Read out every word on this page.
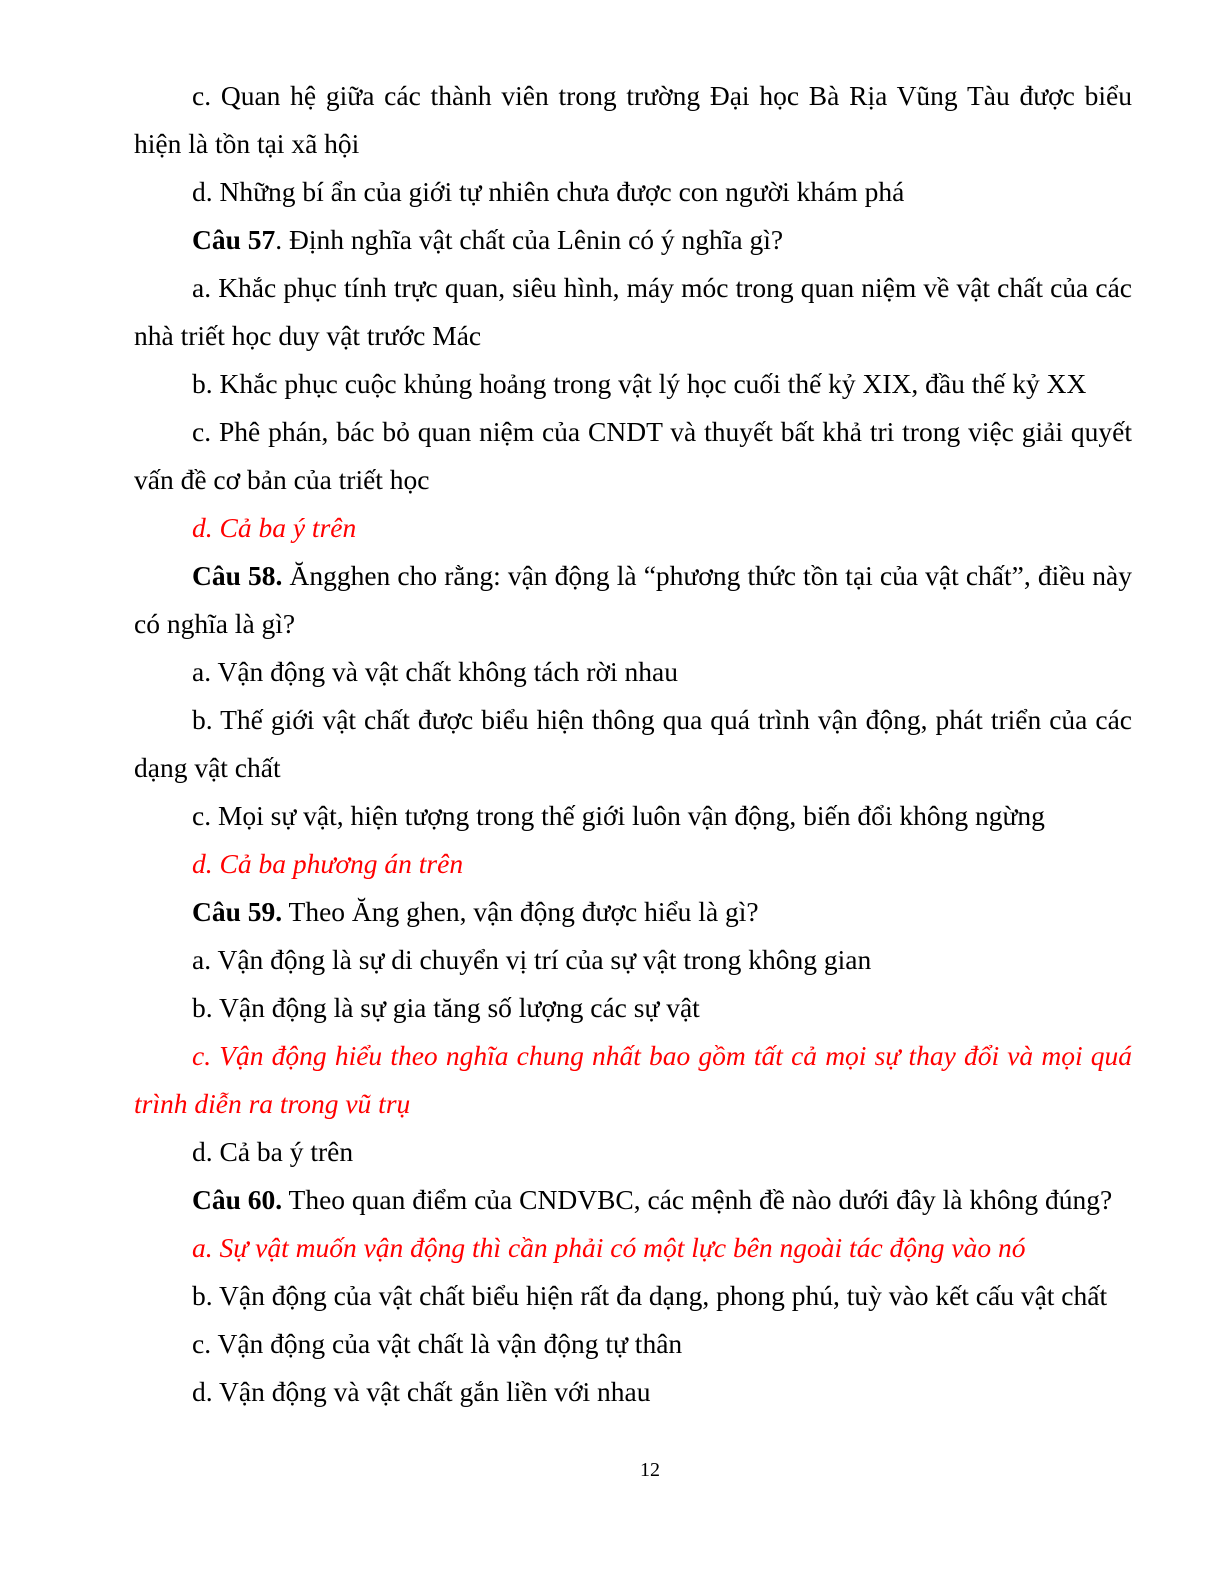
c. Quan hệ giữa các thành viên trong trường Đại học Bà Rịa Vũng Tàu được biểu hiện là tồn tại xã hội

d. Những bí ẩn của giới tự nhiên chưa được con người khám phá

Câu 57. Định nghĩa vật chất của Lênin có ý nghĩa gì?

a. Khắc phục tính trực quan, siêu hình, máy móc trong quan niệm về vật chất của các nhà triết học duy vật trước Mác

b. Khắc phục cuộc khủng hoảng trong vật lý học cuối thế kỷ XIX, đầu thế kỷ XX

c. Phê phán, bác bỏ quan niệm của CNDT và thuyết bất khả tri trong việc giải quyết vấn đề cơ bản của triết học

d. Cả ba ý trên

Câu 58. Ăngghen cho rằng: vận động là “phương thức tồn tại của vật chất”, điều này có nghĩa là gì?

a. Vận động và vật chất không tách rời nhau

b. Thế giới vật chất được biểu hiện thông qua quá trình vận động, phát triển của các dạng vật chất

c. Mọi sự vật, hiện tượng trong thế giới luôn vận động, biến đổi không ngừng

d. Cả ba phương án trên

Câu 59. Theo Ăng ghen, vận động được hiểu là gì?

a. Vận động là sự di chuyển vị trí của sự vật trong không gian

b. Vận động là sự gia tăng số lượng các sự vật

c. Vận động hiểu theo nghĩa chung nhất bao gồm tất cả mọi sự thay đổi và mọi quá trình diễn ra trong vũ trụ

d. Cả ba ý trên

Câu 60. Theo quan điểm của CNDVBC, các mệnh đề nào dưới đây là không đúng?

a. Sự vật muốn vận động thì cần phải có một lực bên ngoài tác động vào nó

b. Vận động của vật chất biểu hiện rất đa dạng, phong phú, tuỳ vào kết cấu vật chất

c. Vận động của vật chất là vận động tự thân

d. Vận động và vật chất gắn liền với nhau

12
